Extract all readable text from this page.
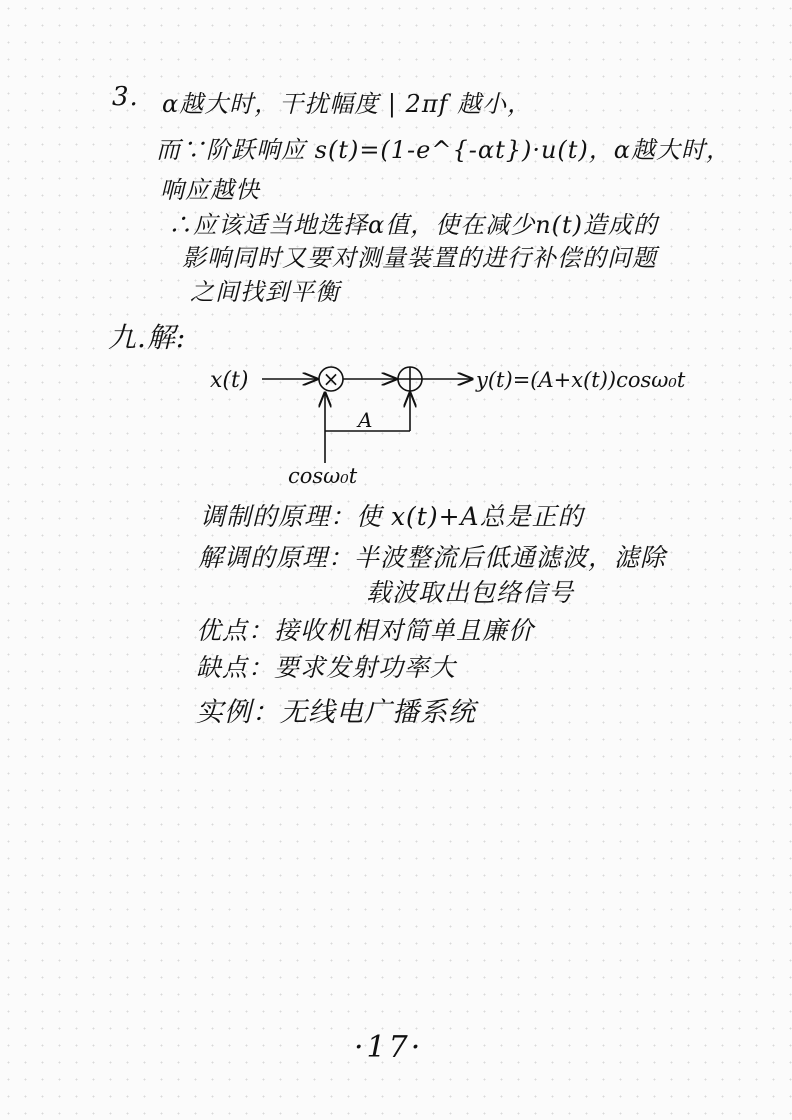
3. α越大时，干扰幅度 | 2πf 越小，
而∵阶跃响应 s(t)=(1-e^{-αt})·u(t)，α越大时，
响应越快
∴应该适当地选择α值，使在减少n(t)造成的
影响同时又要对测量装置的进行补偿的问题
之间找到平衡
九.解:
x(t)	×	y(t)=(A+x(t))cosω₀t
A
cosω₀t
调制的原理：使 x(t)+A总是正的
解调的原理：半波整流后低通滤波，滤除
载波取出包络信号
优点：接收机相对简单且廉价
缺点：要求发射功率大
实例：无线电广播系统
·17·
